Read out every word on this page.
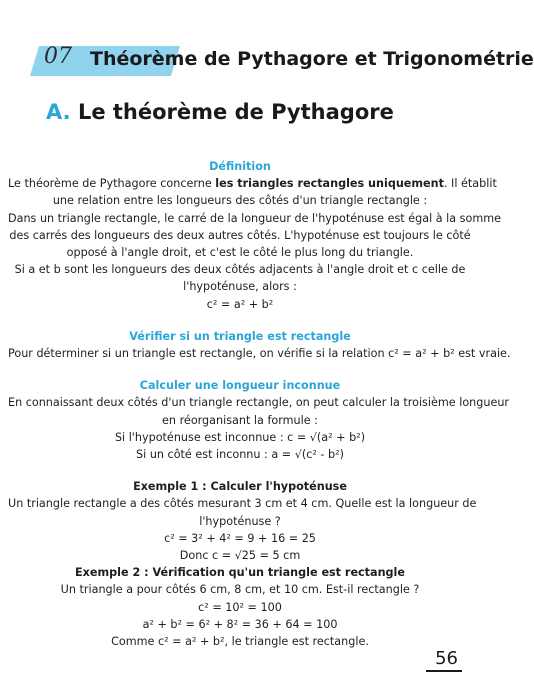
07 Théorème de Pythagore et Trigonométrie
A. Le théorème de Pythagore
Définition
Le théorème de Pythagore concerne les triangles rectangles uniquement. Il établit
une relation entre les longueurs des côtés d'un triangle rectangle :
Dans un triangle rectangle, le carré de la longueur de l'hypoténuse est égal à la somme
des carrés des longueurs des deux autres côtés. L'hypoténuse est toujours le côté
opposé à l'angle droit, et c'est le côté le plus long du triangle.
Si a et b sont les longueurs des deux côtés adjacents à l'angle droit et c celle de
l'hypoténuse, alors :
c² = a² + b²
Vérifier si un triangle est rectangle
Pour déterminer si un triangle est rectangle, on vérifie si la relation c² = a² + b² est vraie.
Calculer une longueur inconnue
En connaissant deux côtés d'un triangle rectangle, on peut calculer la troisième longueur
en réorganisant la formule :
Si l'hypoténuse est inconnue : c = √(a² + b²)
Si un côté est inconnu : a = √(c² - b²)
Exemple 1 : Calculer l'hypoténuse
Un triangle rectangle a des côtés mesurant 3 cm et 4 cm. Quelle est la longueur de
l'hypoténuse ?
c² = 3² + 4² = 9 + 16 = 25
Donc c = √25 = 5 cm
Exemple 2 : Vérification qu'un triangle est rectangle
Un triangle a pour côtés 6 cm, 8 cm, et 10 cm. Est-il rectangle ?
c² = 10² = 100
a² + b² = 6² + 8² = 36 + 64 = 100
Comme c² = a² + b², le triangle est rectangle.
56
